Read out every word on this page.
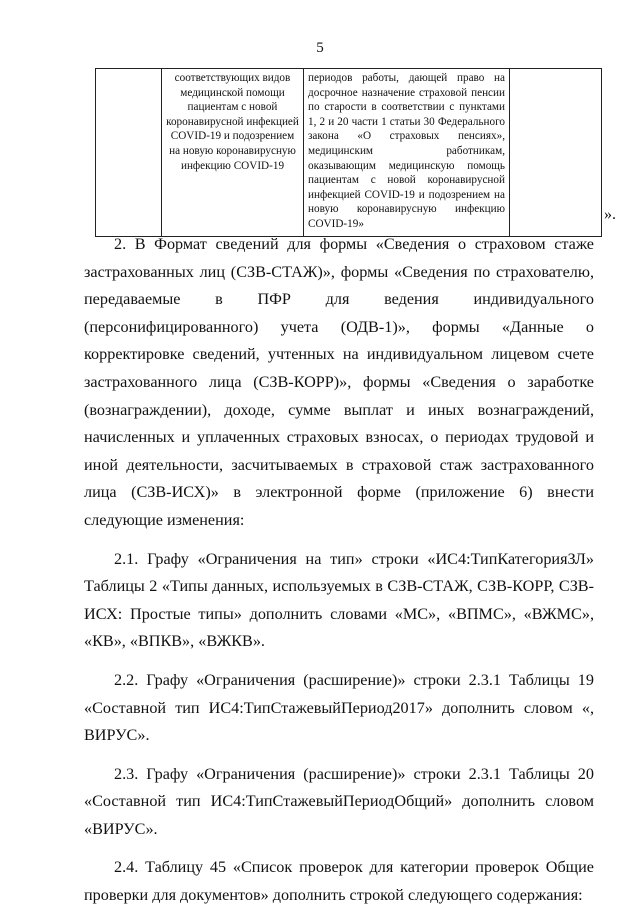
5
	соответствующих видов медицинской помощи пациентам с новой коронавирусной инфекцией COVID-19 и подозрением на новую коронавирусную инфекцию COVID-19	периодов работы, дающей право на досрочное назначение страховой пенсии по старости в соответствии с пунктами 1, 2 и 20 части 1 статьи 30 Федерального закона «О страховых пенсиях», медицинским работникам, оказывающим медицинскую помощь пациентам с новой коронавирусной инфекцией COVID-19 и подозрением на новую коронавирусную инфекцию COVID-19»	
».

2. В Формат сведений для формы «Сведения о страховом стаже застрахованных лиц (СЗВ-СТАЖ)», формы «Сведения по страхователю, передаваемые в ПФР для ведения индивидуального (персонифицированного) учета (ОДВ-1)», формы «Данные о корректировке сведений, учтенных на индивидуальном лицевом счете застрахованного лица (СЗВ-КОРР)», формы «Сведения о заработке (вознаграждении), доходе, сумме выплат и иных вознаграждений, начисленных и уплаченных страховых взносах, о периодах трудовой и иной деятельности, засчитываемых в страховой стаж застрахованного лица (СЗВ-ИСХ)» в электронной форме (приложение 6) внести следующие изменения:

2.1. Графу «Ограничения на тип» строки «ИС4:ТипКатегорияЗЛ» Таблицы 2 «Типы данных, используемых в СЗВ-СТАЖ, СЗВ-КОРР, СЗВ-ИСХ: Простые типы» дополнить словами «МС», «ВПМС», «ВЖМС», «КВ», «ВПКВ», «ВЖКВ».

2.2. Графу «Ограничения (расширение)» строки 2.3.1 Таблицы 19 «Составной тип ИС4:ТипСтажевыйПериод2017» дополнить словом «, ВИРУС».

2.3. Графу «Ограничения (расширение)» строки 2.3.1 Таблицы 20 «Составной тип ИС4:ТипСтажевыйПериодОбщий» дополнить словом «ВИРУС».

2.4. Таблицу 45 «Список проверок для категории проверок Общие проверки для документов» дополнить строкой следующего содержания:
